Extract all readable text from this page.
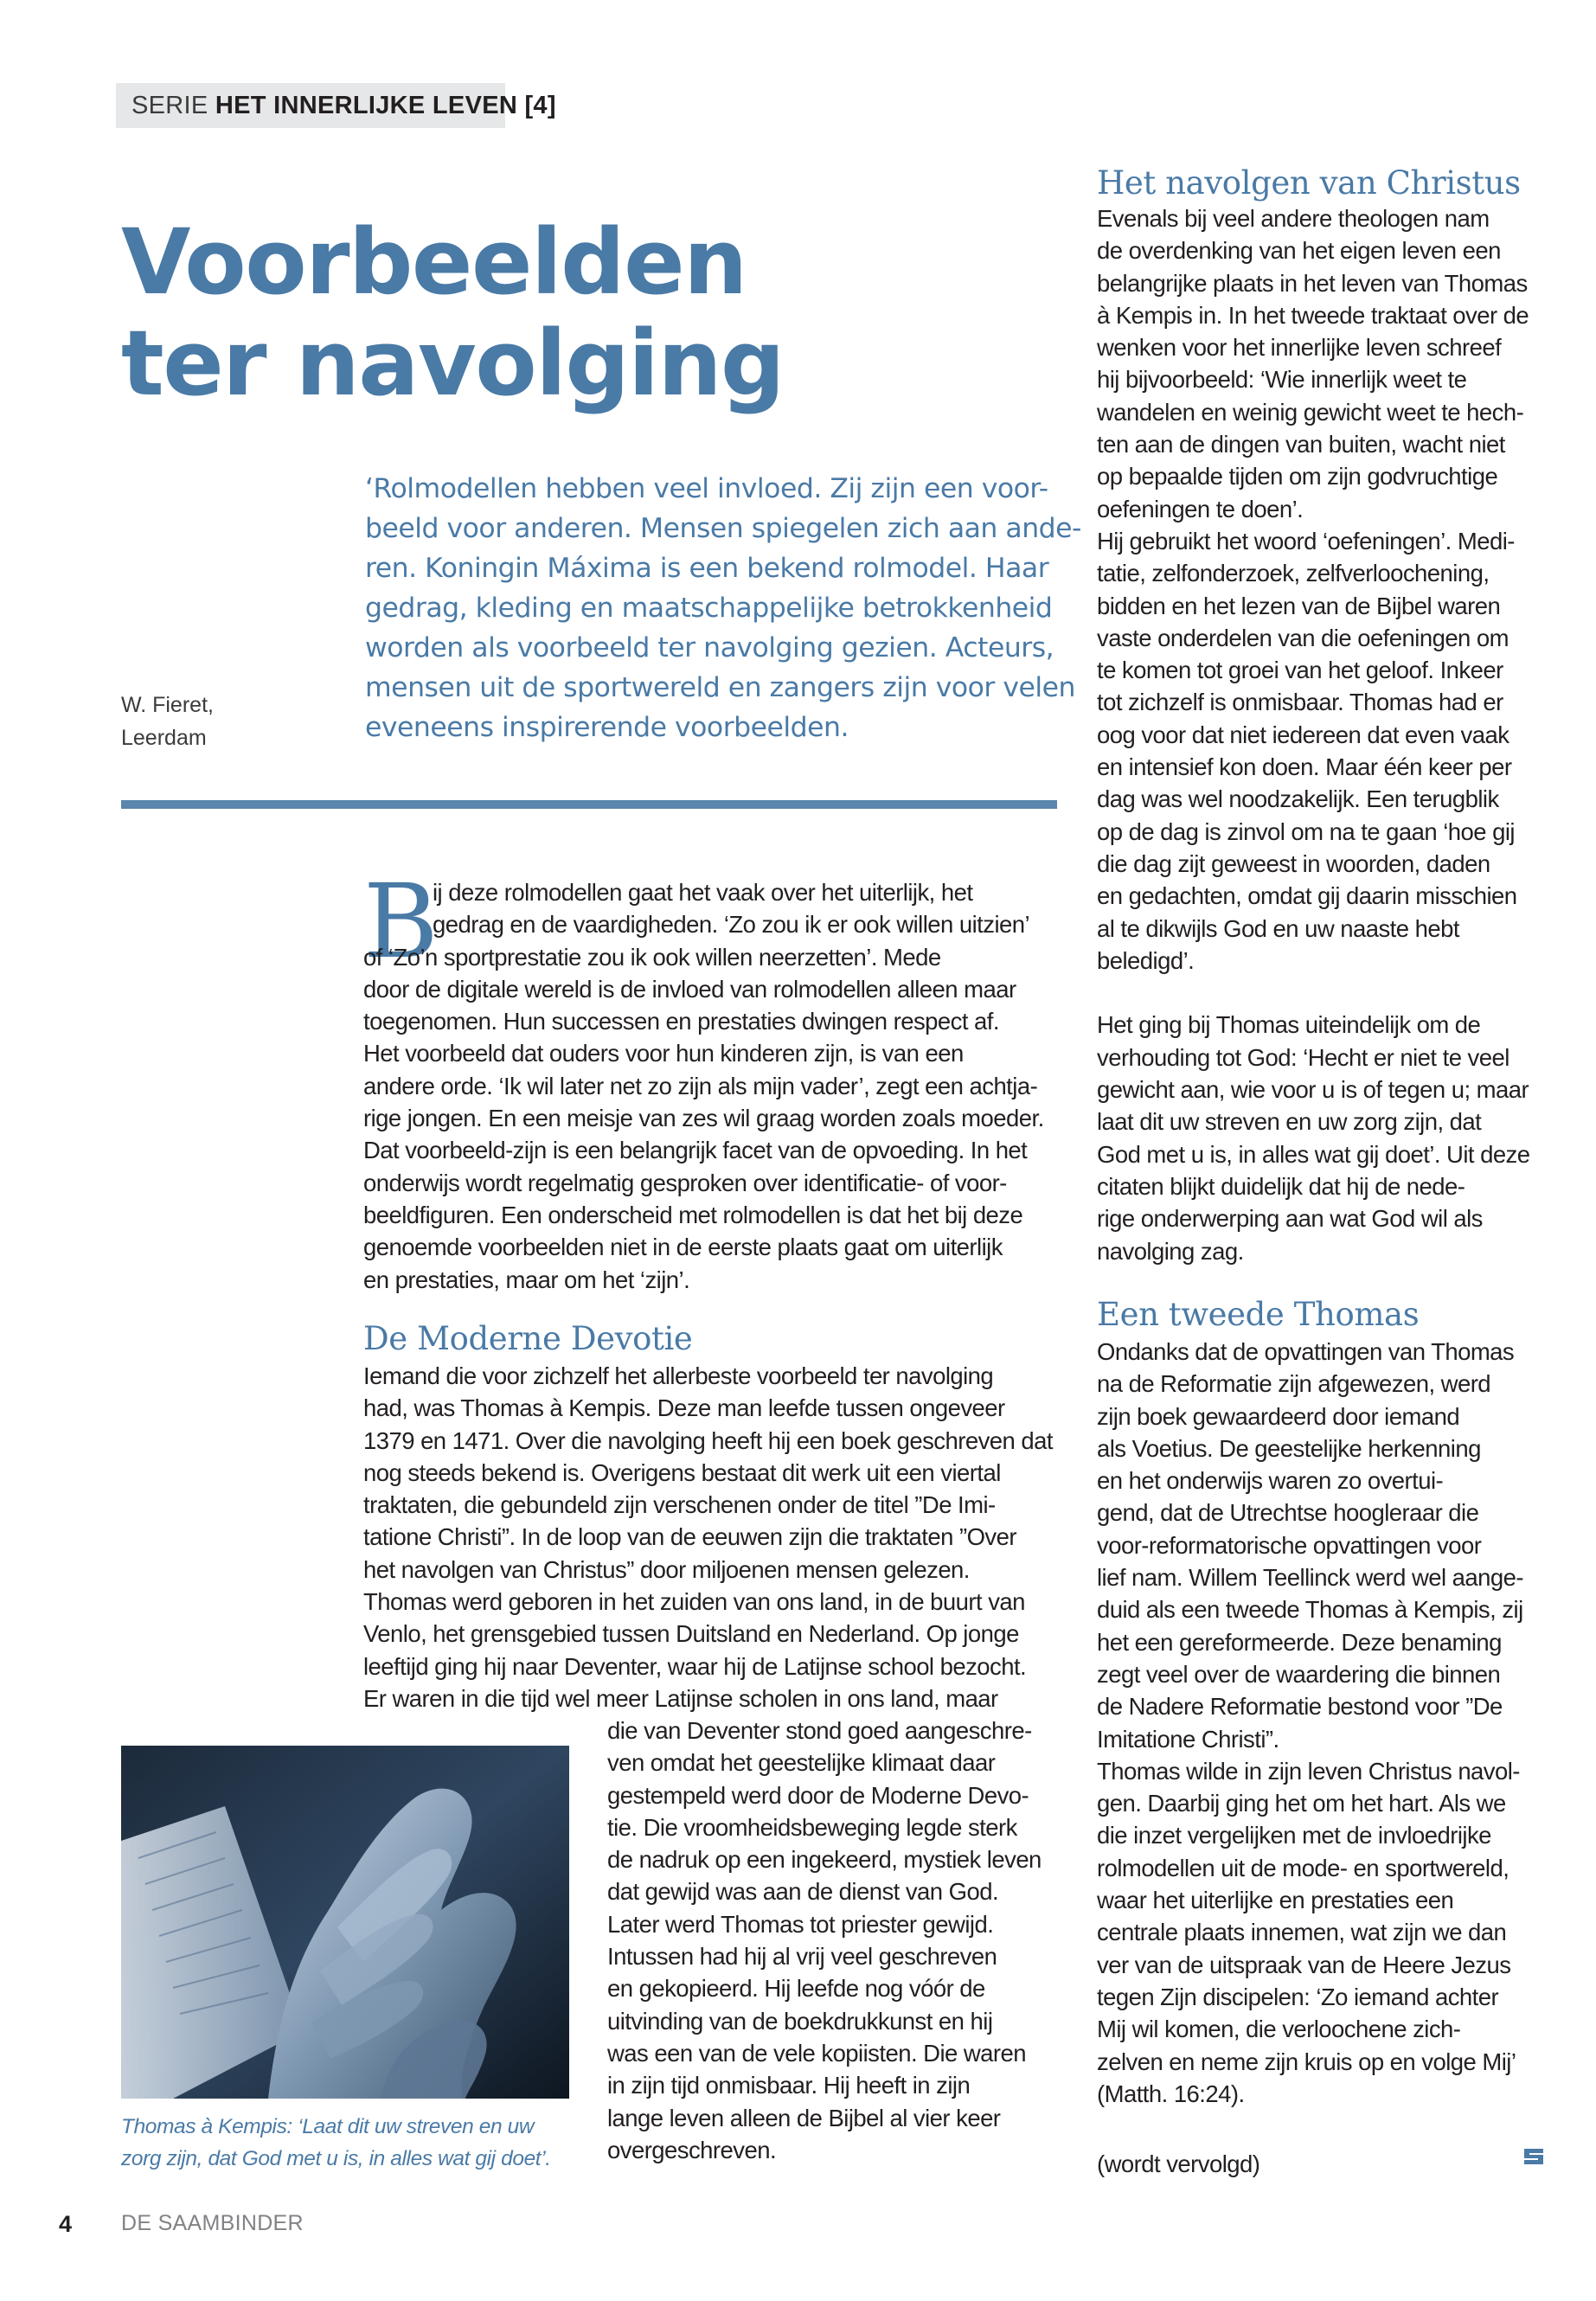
SERIE HET INNERLIJKE LEVEN [4]
Voorbeelden
ter navolging
‘Rolmodellen hebben veel invloed. Zij zijn een voor-
beeld voor anderen. Mensen spiegelen zich aan ande-
ren. Koningin Máxima is een bekend rolmodel. Haar
gedrag, kleding en maatschappelijke betrokkenheid
worden als voorbeeld ter navolging gezien. Acteurs,
mensen uit de sportwereld en zangers zijn voor velen
eveneens inspirerende voorbeelden.
W. Fieret,
Leerdam
B
ij deze rolmodellen gaat het vaak over het uiterlijk, het
gedrag en de vaardigheden. ‘Zo zou ik er ook willen uitzien’
of ‘Zo’n sportprestatie zou ik ook willen neerzetten’. Mede
door de digitale wereld is de invloed van rolmodellen alleen maar
toegenomen. Hun successen en prestaties dwingen respect af.
Het voorbeeld dat ouders voor hun kinderen zijn, is van een
andere orde. ‘Ik wil later net zo zijn als mijn vader’, zegt een achtja-
rige jongen. En een meisje van zes wil graag worden zoals moeder.
Dat voorbeeld-zijn is een belangrijk facet van de opvoeding. In het
onderwijs wordt regelmatig gesproken over identificatie- of voor-
beeldfiguren. Een onderscheid met rolmodellen is dat het bij deze
genoemde voorbeelden niet in de eerste plaats gaat om uiterlijk
en prestaties, maar om het ‘zijn’.
De Moderne Devotie
Iemand die voor zichzelf het allerbeste voorbeeld ter navolging
had, was Thomas à Kempis. Deze man leefde tussen ongeveer
1379 en 1471. Over die navolging heeft hij een boek geschreven dat
nog steeds bekend is. Overigens bestaat dit werk uit een viertal
traktaten, die gebundeld zijn verschenen onder de titel ”De Imi-
tatione Christi”. In de loop van de eeuwen zijn die traktaten ”Over
het navolgen van Christus” door miljoenen mensen gelezen.
Thomas werd geboren in het zuiden van ons land, in de buurt van
Venlo, het grensgebied tussen Duitsland en Nederland. Op jonge
leeftijd ging hij naar Deventer, waar hij de Latijnse school bezocht.
Er waren in die tijd wel meer Latijnse scholen in ons land, maar
die van Deventer stond goed aangeschre-
ven omdat het geestelijke klimaat daar
gestempeld werd door de Moderne Devo-
tie. Die vroomheidsbeweging legde sterk
de nadruk op een ingekeerd, mystiek leven
dat gewijd was aan de dienst van God.
Later werd Thomas tot priester gewijd.
Intussen had hij al vrij veel geschreven
en gekopieerd. Hij leefde nog vóór de
uitvinding van de boekdrukkunst en hij
was een van de vele kopiisten. Die waren
in zijn tijd onmisbaar. Hij heeft in zijn
lange leven alleen de Bijbel al vier keer
overgeschreven.
Thomas à Kempis: ‘Laat dit uw streven en uw
zorg zijn, dat God met u is, in alles wat gij doet’.
Het navolgen van Christus
Evenals bij veel andere theologen nam
de overdenking van het eigen leven een
belangrijke plaats in het leven van Thomas
à Kempis in. In het tweede traktaat over de
wenken voor het innerlijke leven schreef
hij bijvoorbeeld: ‘Wie innerlijk weet te
wandelen en weinig gewicht weet te hech-
ten aan de dingen van buiten, wacht niet
op bepaalde tijden om zijn godvruchtige
oefeningen te doen’.
Hij gebruikt het woord ‘oefeningen’. Medi-
tatie, zelfonderzoek, zelfverloochening,
bidden en het lezen van de Bijbel waren
vaste onderdelen van die oefeningen om
te komen tot groei van het geloof. Inkeer
tot zichzelf is onmisbaar. Thomas had er
oog voor dat niet iedereen dat even vaak
en intensief kon doen. Maar één keer per
dag was wel noodzakelijk. Een terugblik
op de dag is zinvol om na te gaan ‘hoe gij
die dag zijt geweest in woorden, daden
en gedachten, omdat gij daarin misschien
al te dikwijls God en uw naaste hebt
beledigd’.
Het ging bij Thomas uiteindelijk om de
verhouding tot God: ‘Hecht er niet te veel
gewicht aan, wie voor u is of tegen u; maar
laat dit uw streven en uw zorg zijn, dat
God met u is, in alles wat gij doet’. Uit deze
citaten blijkt duidelijk dat hij de nede-
rige onderwerping aan wat God wil als
navolging zag.
Een tweede Thomas
Ondanks dat de opvattingen van Thomas
na de Reformatie zijn afgewezen, werd
zijn boek gewaardeerd door iemand
als Voetius. De geestelijke herkenning
en het onderwijs waren zo overtui-
gend, dat de Utrechtse hoogleraar die
voor-reformatorische opvattingen voor
lief nam. Willem Teellinck werd wel aange-
duid als een tweede Thomas à Kempis, zij
het een gereformeerde. Deze benaming
zegt veel over de waardering die binnen
de Nadere Reformatie bestond voor ”De
Imitatione Christi”.
Thomas wilde in zijn leven Christus navol-
gen. Daarbij ging het om het hart. Als we
die inzet vergelijken met de invloedrijke
rolmodellen uit de mode- en sportwereld,
waar het uiterlijke en prestaties een
centrale plaats innemen, wat zijn we dan
ver van de uitspraak van de Heere Jezus
tegen Zijn discipelen: ‘Zo iemand achter
Mij wil komen, die verloochene zich-
zelven en neme zijn kruis op en volge Mij’
(Matth. 16:24).
(wordt vervolgd)
4 DE SAAMBINDER
